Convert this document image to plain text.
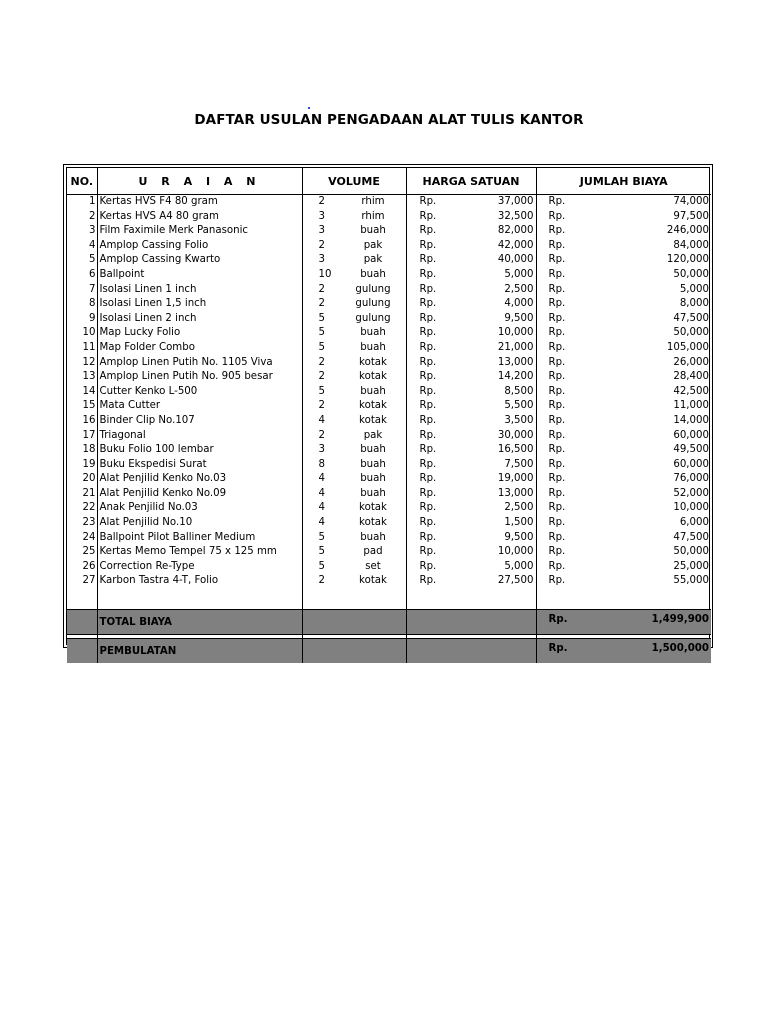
DAFTAR USULAN PENGADAAN ALAT TULIS KANTOR
NO.	U R A I A N	VOLUME	HARGA SATUAN	JUMLAH BIAYA
1	Kertas HVS F4 80 gram	2 rhim	Rp. 37,000	Rp. 74,000

2	Kertas HVS A4 80 gram	3 rhim	Rp. 32,500	Rp. 97,500

3	Film Faximile Merk Panasonic	3 buah	Rp. 82,000	Rp. 246,000

4	Amplop Cassing Folio	2 pak	Rp. 42,000	Rp. 84,000

5	Amplop Cassing Kwarto	3 pak	Rp. 40,000	Rp. 120,000

6	Ballpoint	10 buah	Rp. 5,000	Rp. 50,000

7	Isolasi Linen 1 inch	2 gulung	Rp. 2,500	Rp. 5,000

8	Isolasi Linen 1,5 inch	2 gulung	Rp. 4,000	Rp. 8,000

9	Isolasi Linen 2 inch	5 gulung	Rp. 9,500	Rp. 47,500

10	Map Lucky Folio	5 buah	Rp. 10,000	Rp. 50,000

11	Map Folder Combo	5 buah	Rp. 21,000	Rp. 105,000

12	Amplop Linen Putih No. 1105 Viva	2 kotak	Rp. 13,000	Rp. 26,000

13	Amplop Linen Putih No. 905 besar	2 kotak	Rp. 14,200	Rp. 28,400

14	Cutter Kenko L-500	5 buah	Rp. 8,500	Rp. 42,500

15	Mata Cutter	2 kotak	Rp. 5,500	Rp. 11,000

16	Binder Clip No.107	4 kotak	Rp. 3,500	Rp. 14,000

17	Triagonal	2 pak	Rp. 30,000	Rp. 60,000

18	Buku Folio 100 lembar	3 buah	Rp. 16,500	Rp. 49,500

19	Buku Ekspedisi Surat	8 buah	Rp. 7,500	Rp. 60,000

20	Alat Penjilid Kenko No.03	4 buah	Rp. 19,000	Rp. 76,000

21	Alat Penjilid Kenko No.09	4 buah	Rp. 13,000	Rp. 52,000

22	Anak Penjilid No.03	4 kotak	Rp. 2,500	Rp. 10,000

23	Alat Penjilid No.10	4 kotak	Rp. 1,500	Rp. 6,000

24	Ballpoint Pilot Balliner Medium	5 buah	Rp. 9,500	Rp. 47,500

25	Kertas Memo Tempel 75 x 125 mm	5 pad	Rp. 10,000	Rp. 50,000

26	Correction Re-Type	5 set	Rp. 5,000	Rp. 25,000

27	Karbon Tastra 4-T, Folio	2 kotak	Rp. 27,500	Rp. 55,000

	TOTAL BIAYA			Rp. 1,499,900

	PEMBULATAN			Rp. 1,500,000
